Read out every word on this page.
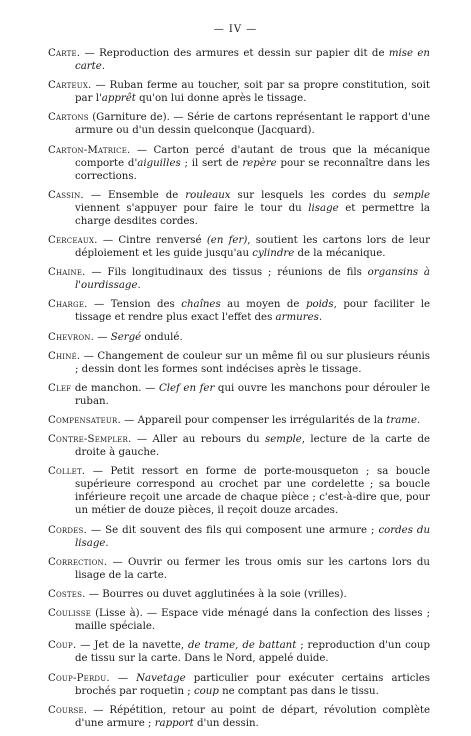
— IV —

Carte. — Reproduction des armures et dessin sur papier dit de mise en carte.

Carteux. — Ruban ferme au toucher, soit par sa propre constitution, soit par l'apprêt qu'on lui donne après le tissage.

Cartons (Garniture de). — Série de cartons représentant le rapport d'une armure ou d'un dessin quelconque (Jacquard).

Carton-Matrice. — Carton percé d'autant de trous que la mécanique comporte d'aiguilles ; il sert de repère pour se reconnaître dans les corrections.

Cassin. — Ensemble de rouleaux sur lesquels les cordes du semple viennent s'appuyer pour faire le tour du lisage et permettre la charge desdites cordes.

Cerceaux. — Cintre renversé (en fer), soutient les cartons lors de leur déploiement et les guide jusqu'au cylindre de la mécanique.

Chaine. — Fils longitudinaux des tissus ; réunions de fils organsins à l'ourdissage.

Charge. — Tension des chaînes au moyen de poids, pour faciliter le tissage et rendre plus exact l'effet des armures.

Chevron. — Sergé ondulé.

Chiné. — Changement de couleur sur un même fil ou sur plusieurs réunis ; dessin dont les formes sont indécises après le tissage.

Clef de manchon. — Clef en fer qui ouvre les manchons pour dérouler le ruban.

Compensateur. — Appareil pour compenser les irrégularités de la trame.

Contre-Sempler. — Aller au rebours du semple, lecture de la carte de droite à gauche.

Collet. — Petit ressort en forme de porte-mousqueton ; sa boucle supérieure correspond au crochet par une cordelette ; sa boucle inférieure reçoit une arcade de chaque pièce ; c'est-à-dire que, pour un métier de douze pièces, il reçoit douze arcades.

Cordes. — Se dit souvent des fils qui composent une armure ; cordes du lisage.

Correction. — Ouvrir ou fermer les trous omis sur les cartons lors du lisage de la carte.

Costes. — Bourres ou duvet agglutinées à la soie (vrilles).

Coulisse (Lisse à). — Espace vide ménagé dans la confection des lisses ; maille spéciale.

Coup. — Jet de la navette, de trame, de battant ; reproduction d'un coup de tissu sur la carte. Dans le Nord, appelé duide.

Coup-Perdu. — Navetage particulier pour exécuter certains articles brochés par roquetin ; coup ne comptant pas dans le tissu.

Course. — Répétition, retour au point de départ, révolution complète d'une armure ; rapport d'un dessin.
